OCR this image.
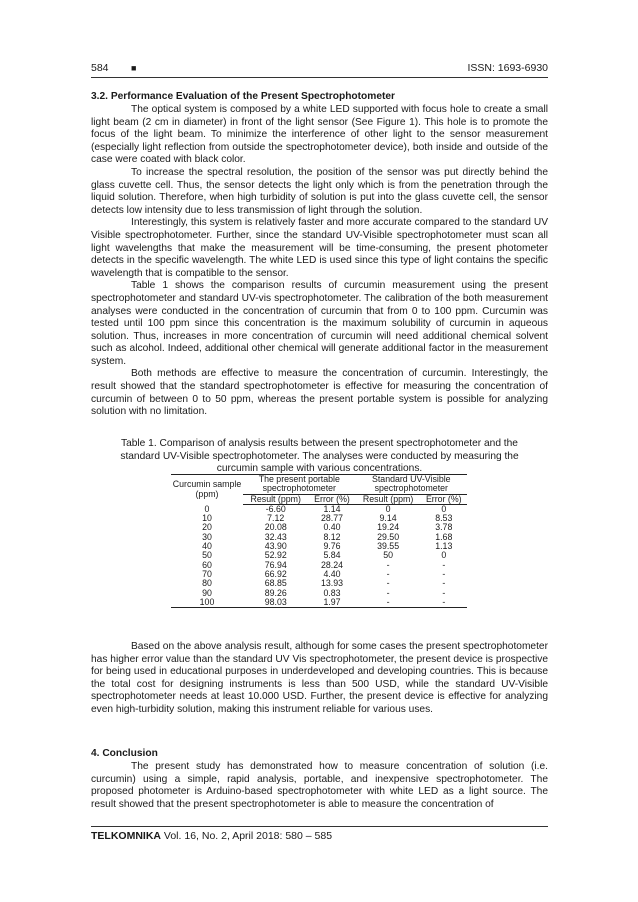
584 ■	ISSN: 1693-6930
3.2. Performance Evaluation of the Present Spectrophotometer

The optical system is composed by a white LED supported with focus hole to create a small light beam (2 cm in diameter) in front of the light sensor (See Figure 1). This hole is to promote the focus of the light beam. To minimize the interference of other light to the sensor measurement (especially light reflection from outside the spectrophotometer device), both inside and outside of the case were coated with black color.

To increase the spectral resolution, the position of the sensor was put directly behind the glass cuvette cell. Thus, the sensor detects the light only which is from the penetration through the liquid solution. Therefore, when high turbidity of solution is put into the glass cuvette cell, the sensor detects low intensity due to less transmission of light through the solution.

Interestingly, this system is relatively faster and more accurate compared to the standard UV Visible spectrophotometer. Further, since the standard UV-Visible spectrophotometer must scan all light wavelengths that make the measurement will be time-consuming, the present photometer detects in the specific wavelength. The white LED is used since this type of light contains the specific wavelength that is compatible to the sensor.

Table 1 shows the comparison results of curcumin measurement using the present spectrophotometer and standard UV-vis spectrophotometer. The calibration of the both measurement analyses were conducted in the concentration of curcumin that from 0 to 100 ppm. Curcumin was tested until 100 ppm since this concentration is the maximum solubility of curcumin in aqueous solution. Thus, increases in more concentration of curcumin will need additional chemical solvent such as alcohol. Indeed, additional other chemical will generate additional factor in the measurement system.

Both methods are effective to measure the concentration of curcumin. Interestingly, the result showed that the standard spectrophotometer is effective for measuring the concentration of curcumin of between 0 to 50 ppm, whereas the present portable system is possible for analyzing solution with no limitation.

Table 1. Comparison of analysis results between the present spectrophotometer and the standard UV-Visible spectrophotometer. The analyses were conducted by measuring the curcumin sample with various concentrations.
Curcumin sample (ppm)	The present portable spectrophotometer		Standard UV-Visible spectrophotometer	
	Result (ppm)	Error (%)	Result (ppm)	Error (%)
0	-6.60	1.14	0	0
10	7.12	28.77	9.14	8.53
20	20.08	0.40	19.24	3.78
30	32.43	8.12	29.50	1.68
40	43.90	9.76	39.55	1.13
50	52.92	5.84	50	0
60	76.94	28.24	-	-
70	66.92	4.40	-	-
80	68.85	13.93	-	-
90	89.26	0.83	-	-
100	98.03	1.97	-	-

Based on the above analysis result, although for some cases the present spectrophotometer has higher error value than the standard UV Vis spectrophotometer, the present device is prospective for being used in educational purposes in underdeveloped and developing countries. This is because the total cost for designing instruments is less than 500 USD, while the standard UV-Visible spectrophotometer needs at least 10.000 USD. Further, the present device is effective for analyzing even high-turbidity solution, making this instrument reliable for various uses.

4. Conclusion

The present study has demonstrated how to measure concentration of solution (i.e. curcumin) using a simple, rapid analysis, portable, and inexpensive spectrophotometer. The proposed photometer is Arduino-based spectrophotometer with white LED as a light source. The result showed that the present spectrophotometer is able to measure the concentration of

TELKOMNIKA Vol. 16, No. 2, April 2018: 580 – 585
